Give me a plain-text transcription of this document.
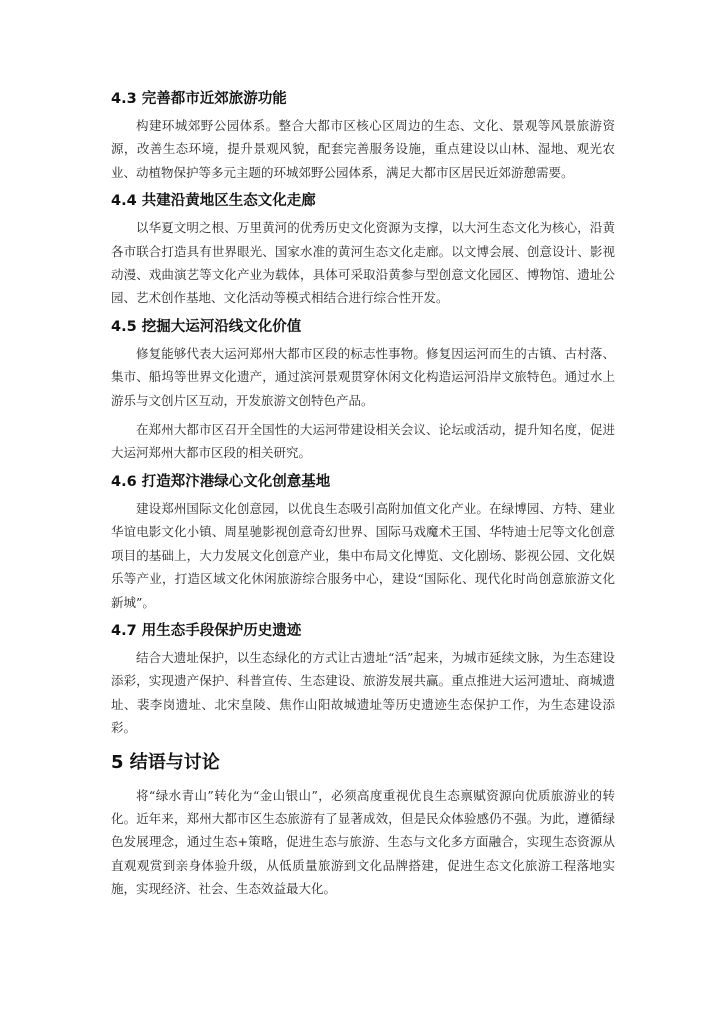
4.3 完善都市近郊旅游功能

构建环城郊野公园体系。整合大都市区核心区周边的生态、文化、景观等风景旅游资源，改善生态环境，提升景观风貌，配套完善服务设施，重点建设以山林、湿地、观光农业、动植物保护等多元主题的环城郊野公园体系，满足大都市区居民近郊游憩需要。

4.4 共建沿黄地区生态文化走廊

以华夏文明之根、万里黄河的优秀历史文化资源为支撑，以大河生态文化为核心，沿黄各市联合打造具有世界眼光、国家水准的黄河生态文化走廊。以文博会展、创意设计、影视动漫、戏曲演艺等文化产业为载体，具体可采取沿黄参与型创意文化园区、博物馆、遗址公园、艺术创作基地、文化活动等模式相结合进行综合性开发。

4.5 挖掘大运河沿线文化价值

修复能够代表大运河郑州大都市区段的标志性事物。修复因运河而生的古镇、古村落、集市、船坞等世界文化遗产，通过滨河景观贯穿休闲文化构造运河沿岸文旅特色。通过水上游乐与文创片区互动，开发旅游文创特色产品。

在郑州大都市区召开全国性的大运河带建设相关会议、论坛或活动，提升知名度，促进大运河郑州大都市区段的相关研究。

4.6 打造郑汴港绿心文化创意基地

建设郑州国际文化创意园，以优良生态吸引高附加值文化产业。在绿博园、方特、建业华谊电影文化小镇、周星驰影视创意奇幻世界、国际马戏魔术王国、华特迪士尼等文化创意项目的基础上，大力发展文化创意产业，集中布局文化博览、文化剧场、影视公园、文化娱乐等产业，打造区域文化休闲旅游综合服务中心，建设“国际化、现代化时尚创意旅游文化新城”。

4.7 用生态手段保护历史遗迹

结合大遗址保护，以生态绿化的方式让古遗址“活”起来，为城市延续文脉，为生态建设添彩，实现遗产保护、科普宣传、生态建设、旅游发展共赢。重点推进大运河遗址、商城遗址、裴李岗遗址、北宋皇陵、焦作山阳故城遗址等历史遗迹生态保护工作，为生态建设添彩。

5 结语与讨论

将“绿水青山”转化为“金山银山”，必须高度重视优良生态禀赋资源向优质旅游业的转化。近年来，郑州大都市区生态旅游有了显著成效，但是民众体验感仍不强。为此，遵循绿色发展理念，通过生态+策略，促进生态与旅游、生态与文化多方面融合，实现生态资源从直观观赏到亲身体验升级，从低质量旅游到文化品牌搭建，促进生态文化旅游工程落地实施，实现经济、社会、生态效益最大化。
